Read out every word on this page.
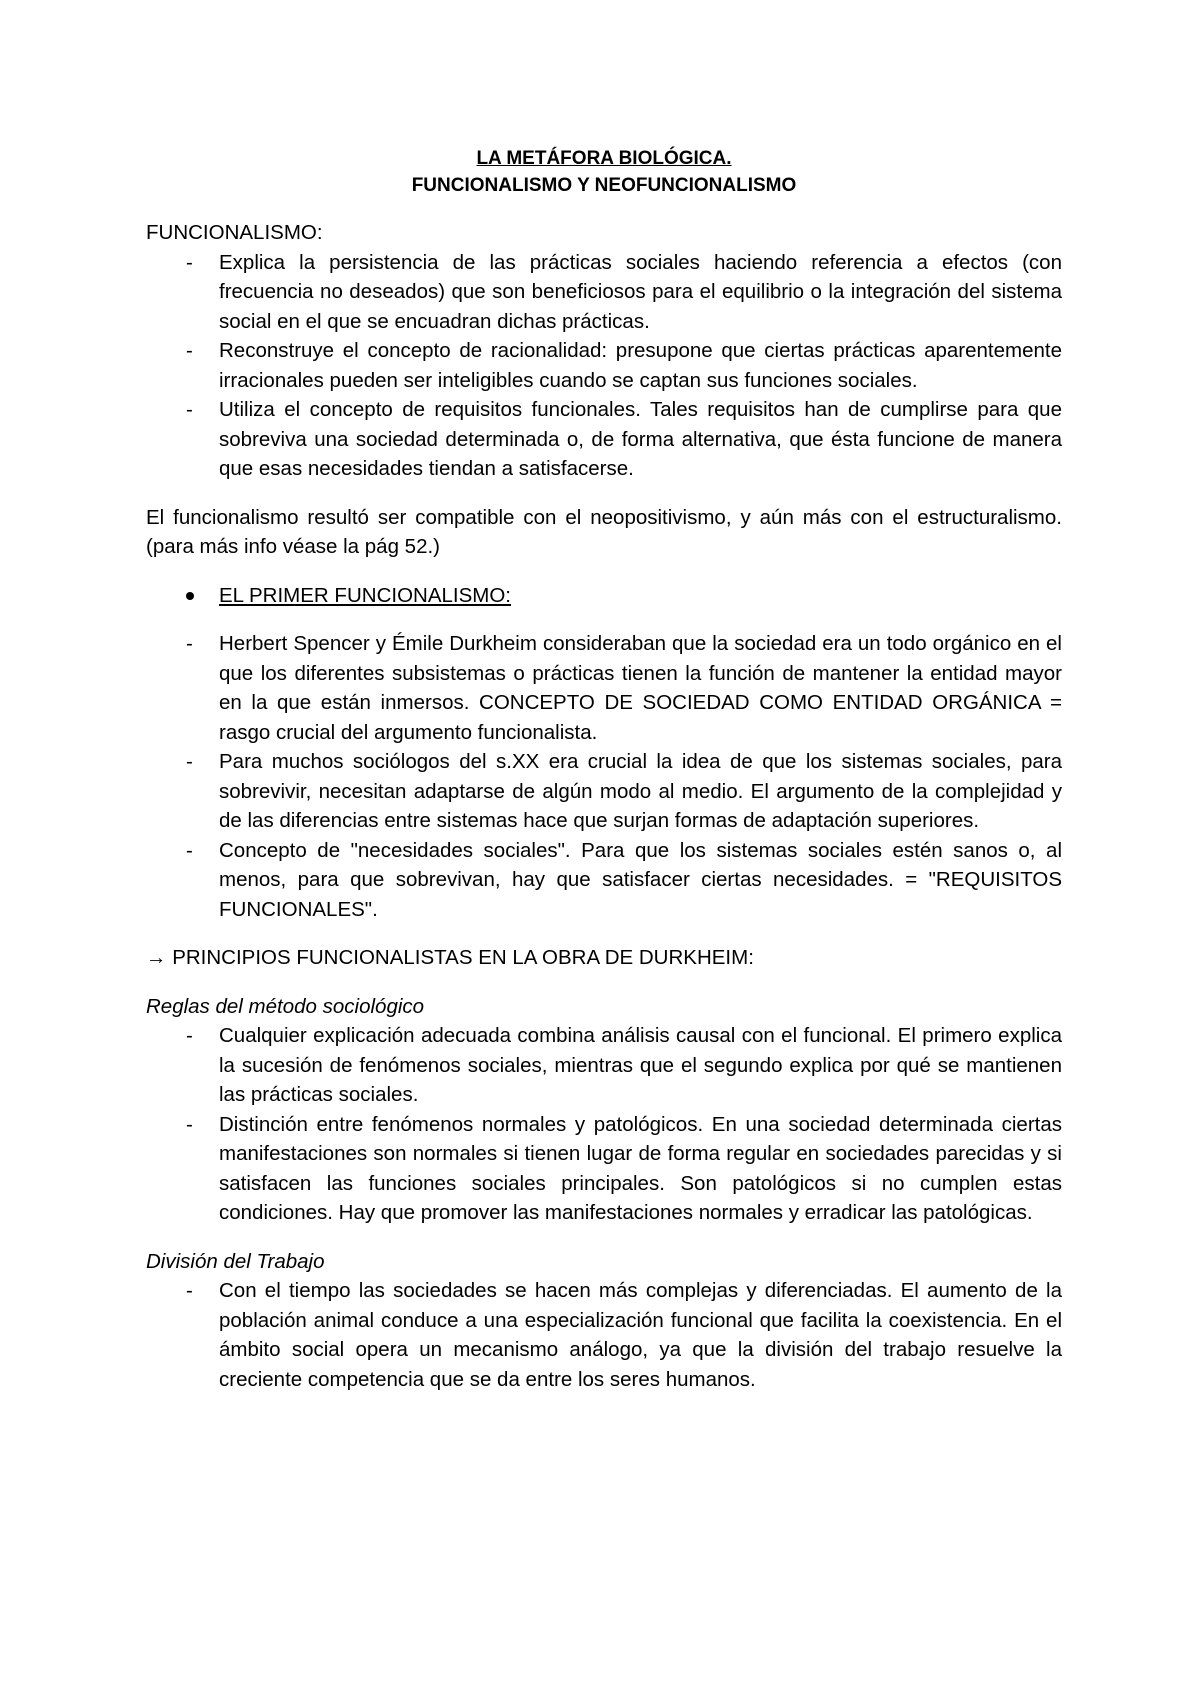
LA METÁFORA BIOLÓGICA.

FUNCIONALISMO Y NEOFUNCIONALISMO

FUNCIONALISMO:

- Explica la persistencia de las prácticas sociales haciendo referencia a efectos (con frecuencia no deseados) que son beneficiosos para el equilibrio o la integración del sistema social en el que se encuadran dichas prácticas.
- Reconstruye el concepto de racionalidad: presupone que ciertas prácticas aparentemente irracionales pueden ser inteligibles cuando se captan sus funciones sociales.
- Utiliza el concepto de requisitos funcionales. Tales requisitos han de cumplirse para que sobreviva una sociedad determinada o, de forma alternativa, que ésta funcione de manera que esas necesidades tiendan a satisfacerse.

El funcionalismo resultó ser compatible con el neopositivismo, y aún más con el estructuralismo. (para más info véase la pág 52.)

EL PRIMER FUNCIONALISMO:
- Herbert Spencer y Émile Durkheim consideraban que la sociedad era un todo orgánico en el que los diferentes subsistemas o prácticas tienen la función de mantener la entidad mayor en la que están inmersos. CONCEPTO DE SOCIEDAD COMO ENTIDAD ORGÁNICA = rasgo crucial del argumento funcionalista.
- Para muchos sociólogos del s.XX era crucial la idea de que los sistemas sociales, para sobrevivir, necesitan adaptarse de algún modo al medio. El argumento de la complejidad y de las diferencias entre sistemas hace que surjan formas de adaptación superiores.
- Concepto de "necesidades sociales". Para que los sistemas sociales estén sanos o, al menos, para que sobrevivan, hay que satisfacer ciertas necesidades. = "REQUISITOS FUNCIONALES".

→ PRINCIPIOS FUNCIONALISTAS EN LA OBRA DE DURKHEIM:

Reglas del método sociológico

- Cualquier explicación adecuada combina análisis causal con el funcional. El primero explica la sucesión de fenómenos sociales, mientras que el segundo explica por qué se mantienen las prácticas sociales.
- Distinción entre fenómenos normales y patológicos. En una sociedad determinada ciertas manifestaciones son normales si tienen lugar de forma regular en sociedades parecidas y si satisfacen las funciones sociales principales. Son patológicos si no cumplen estas condiciones. Hay que promover las manifestaciones normales y erradicar las patológicas.

División del Trabajo

- Con el tiempo las sociedades se hacen más complejas y diferenciadas. El aumento de la población animal conduce a una especialización funcional que facilita la coexistencia. En el ámbito social opera un mecanismo análogo, ya que la división del trabajo resuelve la creciente competencia que se da entre los seres humanos.
